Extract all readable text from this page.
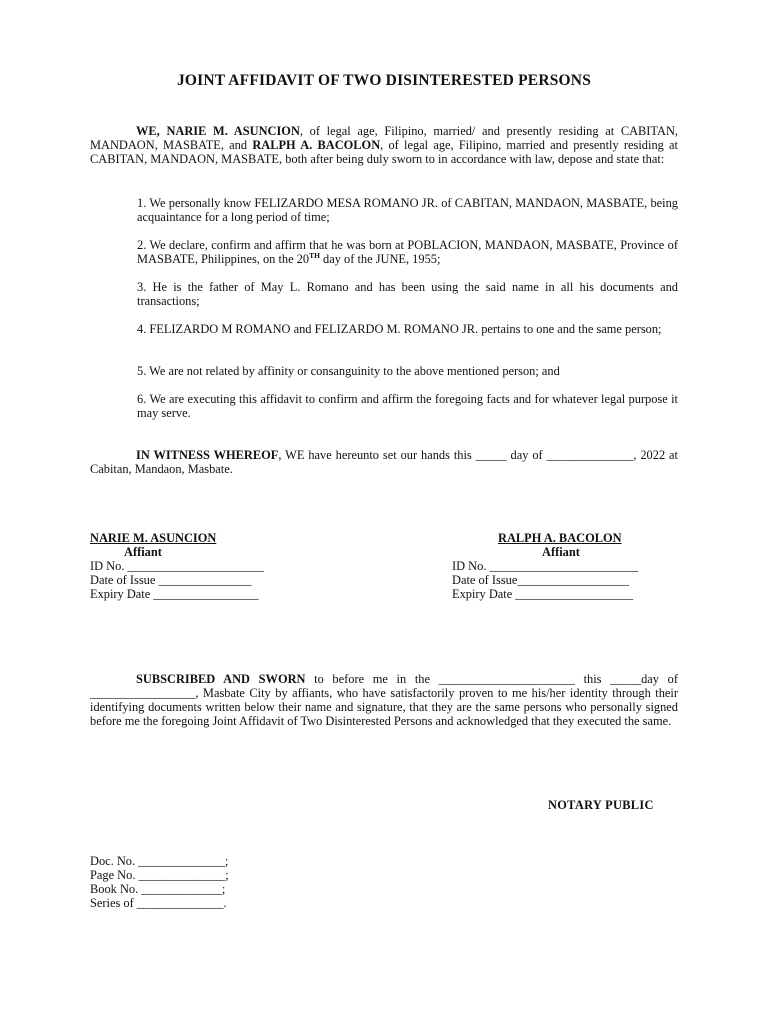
JOINT AFFIDAVIT OF TWO DISINTERESTED PERSONS
WE, NARIE M. ASUNCION, of legal age, Filipino, married/ and presently residing at CABITAN, MANDAON, MASBATE, and RALPH A. BACOLON, of legal age, Filipino, married and presently residing at CABITAN, MANDAON, MASBATE, both after being duly sworn to in accordance with law, depose and state that:
1. We personally know FELIZARDO MESA ROMANO JR. of CABITAN, MANDAON, MASBATE, being acquaintance for a long period of time;
2. We declare, confirm and affirm that he was born at POBLACION, MANDAON, MASBATE, Province of MASBATE, Philippines, on the 20TH day of the JUNE, 1955;
3. He is the father of May L. Romano and has been using the said name in all his documents and transactions;
4. FELIZARDO M ROMANO and FELIZARDO M. ROMANO JR. pertains to one and the same person;
5. We are not related by affinity or consanguinity to the above mentioned person; and
6. We are executing this affidavit to confirm and affirm the foregoing facts and for whatever legal purpose it may serve.
IN WITNESS WHEREOF, WE have hereunto set our hands this _____ day of ______________, 2022 at Cabitan, Mandaon, Masbate.
NARIE M. ASUNCION
Affiant
ID No. ______________________
Date of Issue _______________
Expiry Date _________________
RALPH A. BACOLON
Affiant
ID No. ________________________
Date of Issue__________________
Expiry Date ___________________
SUBSCRIBED AND SWORN to before me in the ______________________ this _____day of _________________, Masbate City by affiants, who have satisfactorily proven to me his/her identity through their identifying documents written below their name and signature, that they are the same persons who personally signed before me the foregoing Joint Affidavit of Two Disinterested Persons and acknowledged that they executed the same.
NOTARY PUBLIC
Doc. No. ______________;
Page No. ______________;
Book No. _____________;
Series of ______________.
